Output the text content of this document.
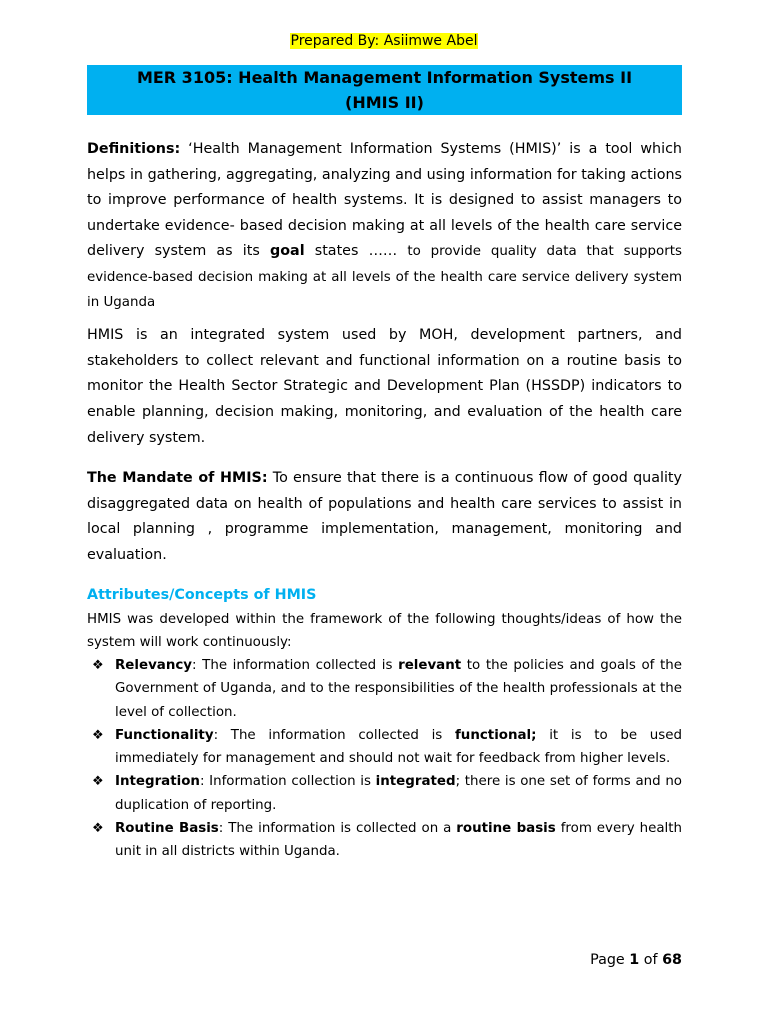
Prepared By: Asiimwe Abel
MER 3105: Health Management Information Systems II
(HMIS II)

Definitions: ‘Health Management Information Systems (HMIS)’ is a tool which helps in gathering, aggregating, analyzing and using information for taking actions to improve performance of health systems. It is designed to assist managers to undertake evidence- based decision making at all levels of the health care service delivery system as its goal states …… to provide quality data that supports evidence-based decision making at all levels of the health care service delivery system in Uganda

HMIS is an integrated system used by MOH, development partners, and stakeholders to collect relevant and functional information on a routine basis to monitor the Health Sector Strategic and Development Plan (HSSDP) indicators to enable planning, decision making, monitoring, and evaluation of the health care delivery system.

The Mandate of HMIS: To ensure that there is a continuous flow of good quality disaggregated data on health of populations and health care services to assist in local planning , programme implementation, management, monitoring and evaluation.

Attributes/Concepts of HMIS

HMIS was developed within the framework of the following thoughts/ideas of how the system will work continuously:

❖ Relevancy: The information collected is relevant to the policies and goals of the Government of Uganda, and to the responsibilities of the health professionals at the level of collection.
❖ Functionality: The information collected is functional; it is to be used immediately for management and should not wait for feedback from higher levels.
❖ Integration: Information collection is integrated; there is one set of forms and no duplication of reporting.
❖ Routine Basis: The information is collected on a routine basis from every health unit in all districts within Uganda.
Page 1 of 68
